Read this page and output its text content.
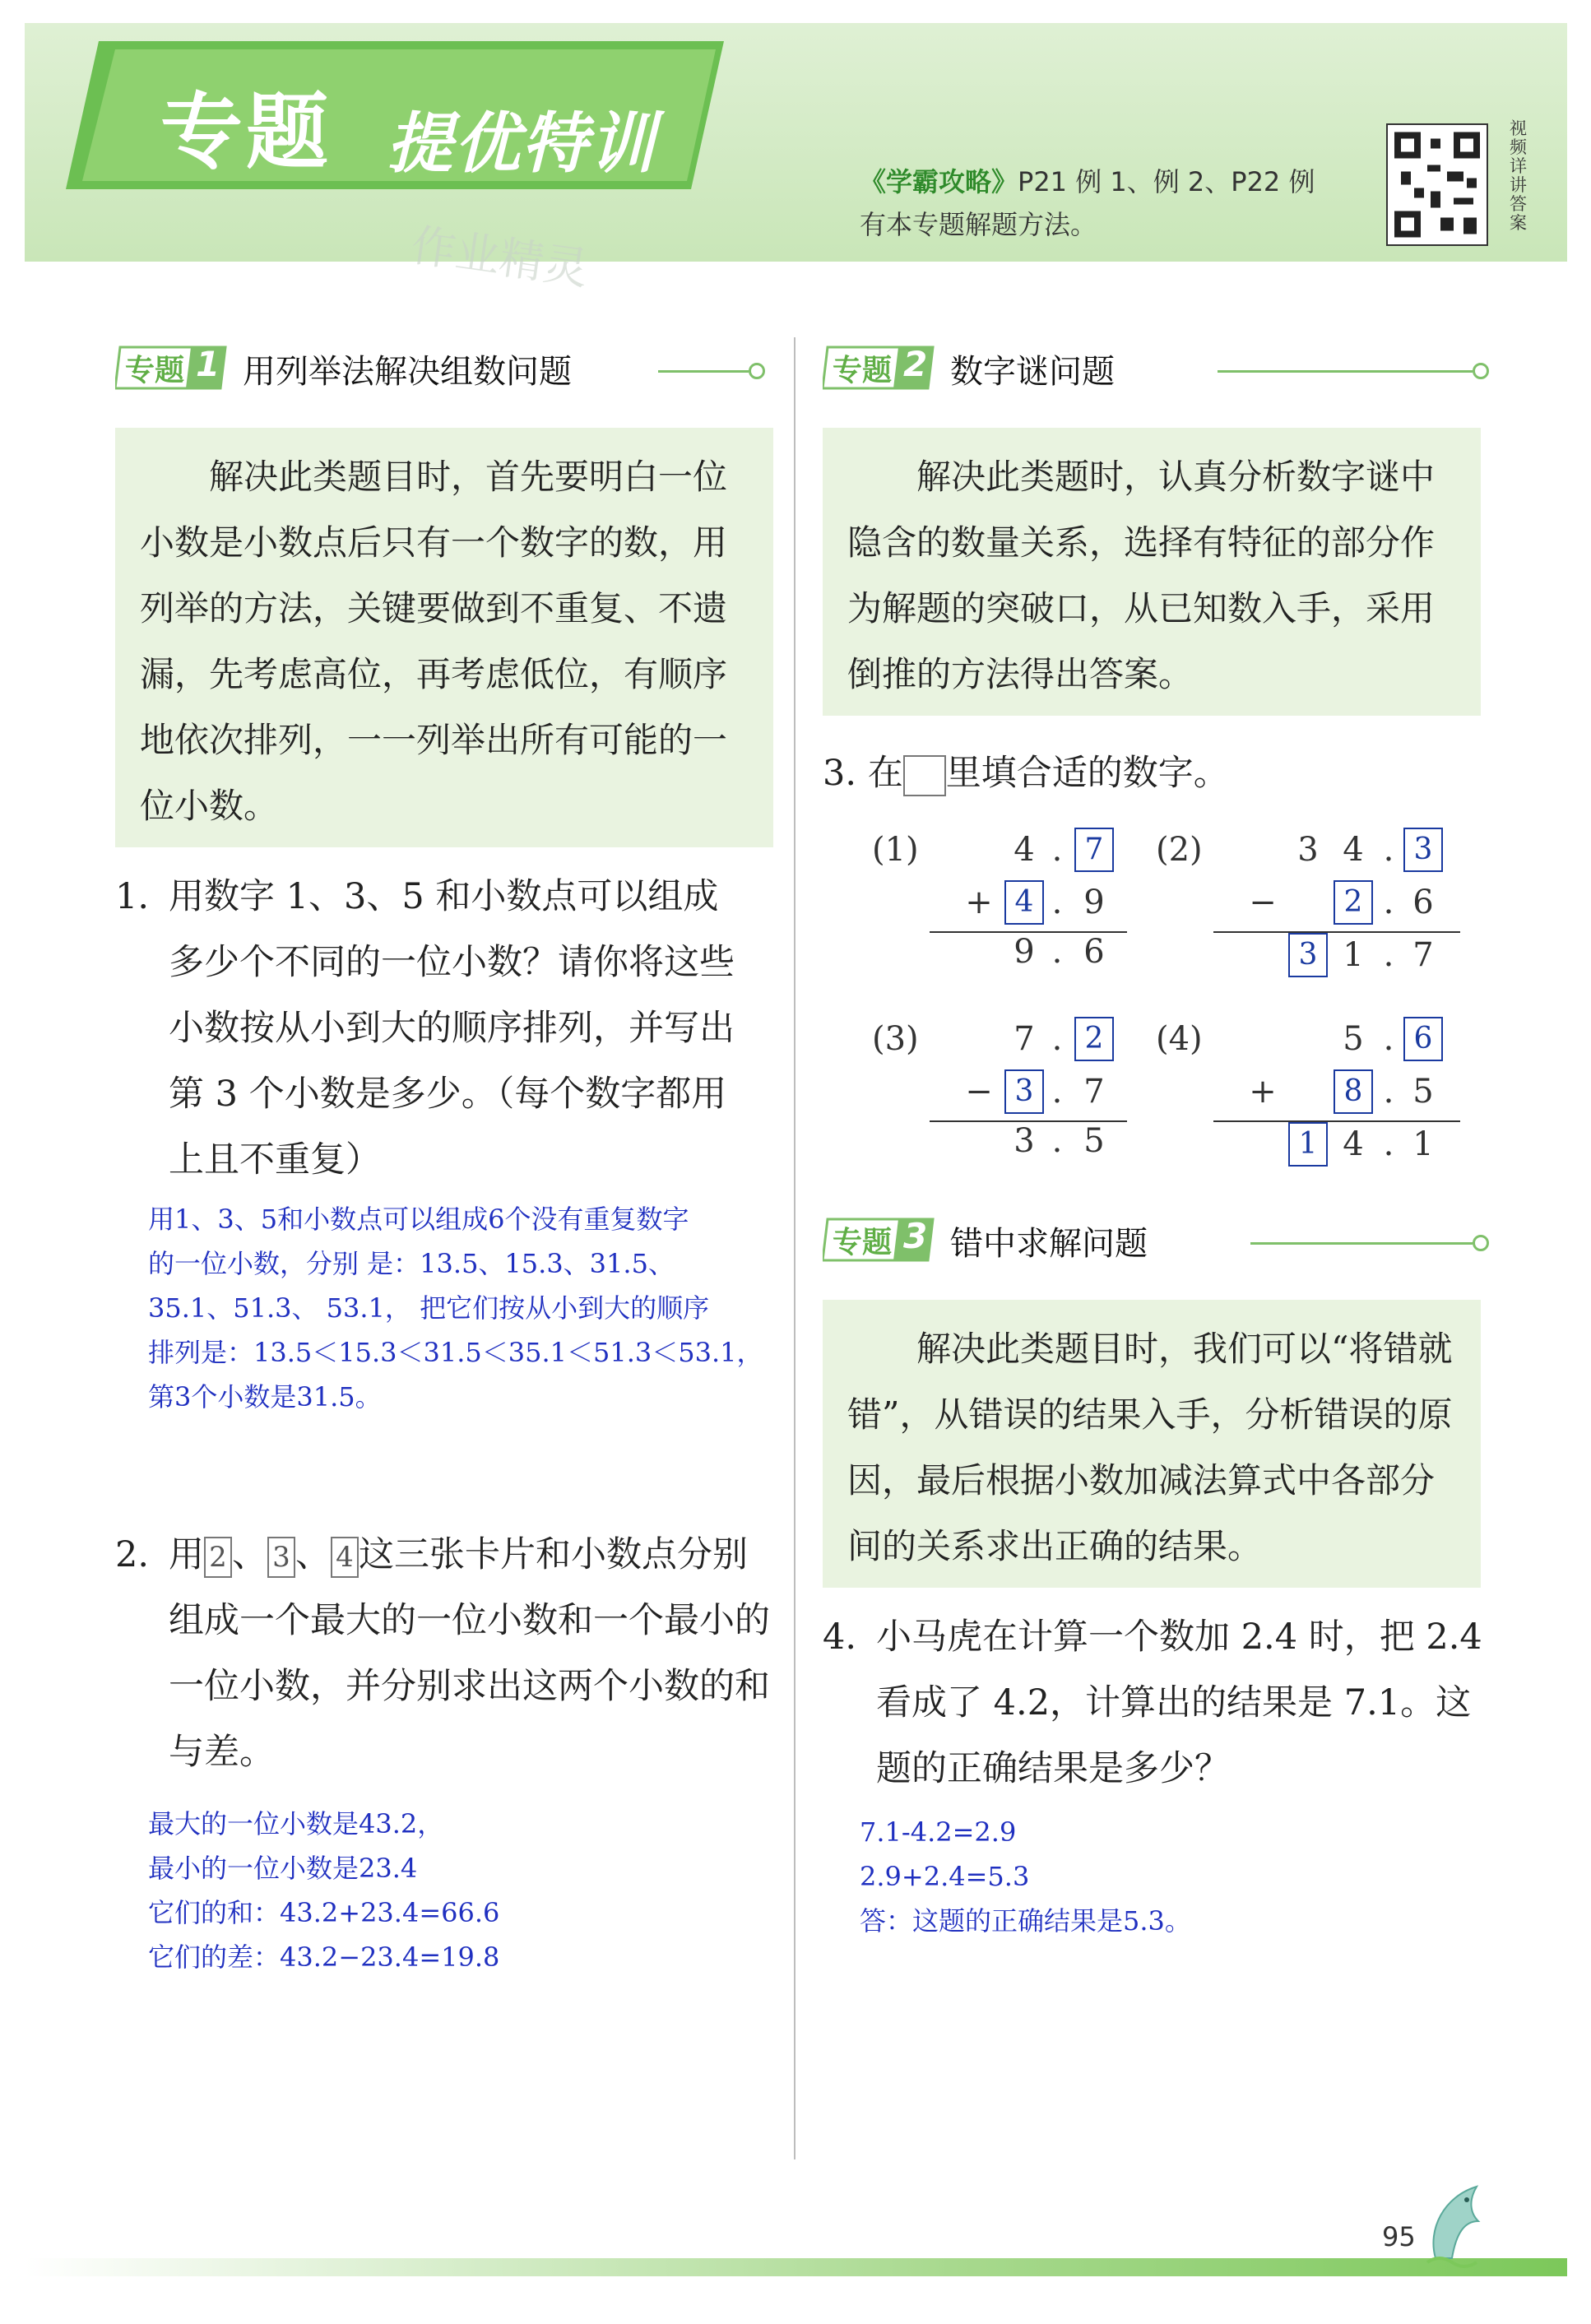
专题 提优特训
作业精灵
《学霸攻略》P21 例 1、例 2、P22 例
有本专题解题方法。
视频详讲答案
专题 1 用列举法解决组数问题
解决此类题目时，首先要明白一位小数是小数点后只有一个数字的数，用列举的方法，关键要做到不重复、不遗漏，先考虑高位，再考虑低位，有顺序地依次排列，一一列举出所有可能的一位小数。
1. 用数字 1、3、5 和小数点可以组成多少个不同的一位小数？请你将这些小数按从小到大的顺序排列，并写出第 3 个小数是多少。（每个数字都用上且不重复）
用1、3、5和小数点可以组成6个没有重复数字
的一位小数，分别 是：13.5、15.3、31.5、
35.1、51.3、 53.1， 把它们按从小到大的顺序
排列是：13.5＜15.3＜31.5＜35.1＜51.3＜53.1，
第3个小数是31.5。
2. 用 2 、 3 、 4 这三张卡片和小数点分别
组成一个最大的一位小数和一个最小的一位小数，并分别求出这两个小数的和与差。
最大的一位小数是43.2，
最小的一位小数是23.4
它们的和：43.2+23.4=66.6
它们的差：43.2−23.4=19.8
专题 2 数字谜问题
解决此类题时，认真分析数字谜中隐含的数量关系，选择有特征的部分作为解题的突破口，从已知数入手，采用倒推的方法得出答案。
3. 在 里填合适的数字。
(1)	4 . 7
+ 4 . 9
9 . 6
(2)	3 4 . 3
−	2 . 6
3 1 . 7
(3)	7 . 2
− 3 . 7
3 . 5
(4)	5 . 6
+	8 . 5
1 4 . 1
专题 3 错中求解问题
解决此类题目时，我们可以“将错就错”，从错误的结果入手，分析错误的原因，最后根据小数加减法算式中各部分间的关系求出正确的结果。
4. 小马虎在计算一个数加 2.4 时，把 2.4 看成了 4.2，计算出的结果是 7.1。这题的正确结果是多少？
7.1-4.2=2.9
2.9+2.4=5.3
答：这题的正确结果是5.3。
95
